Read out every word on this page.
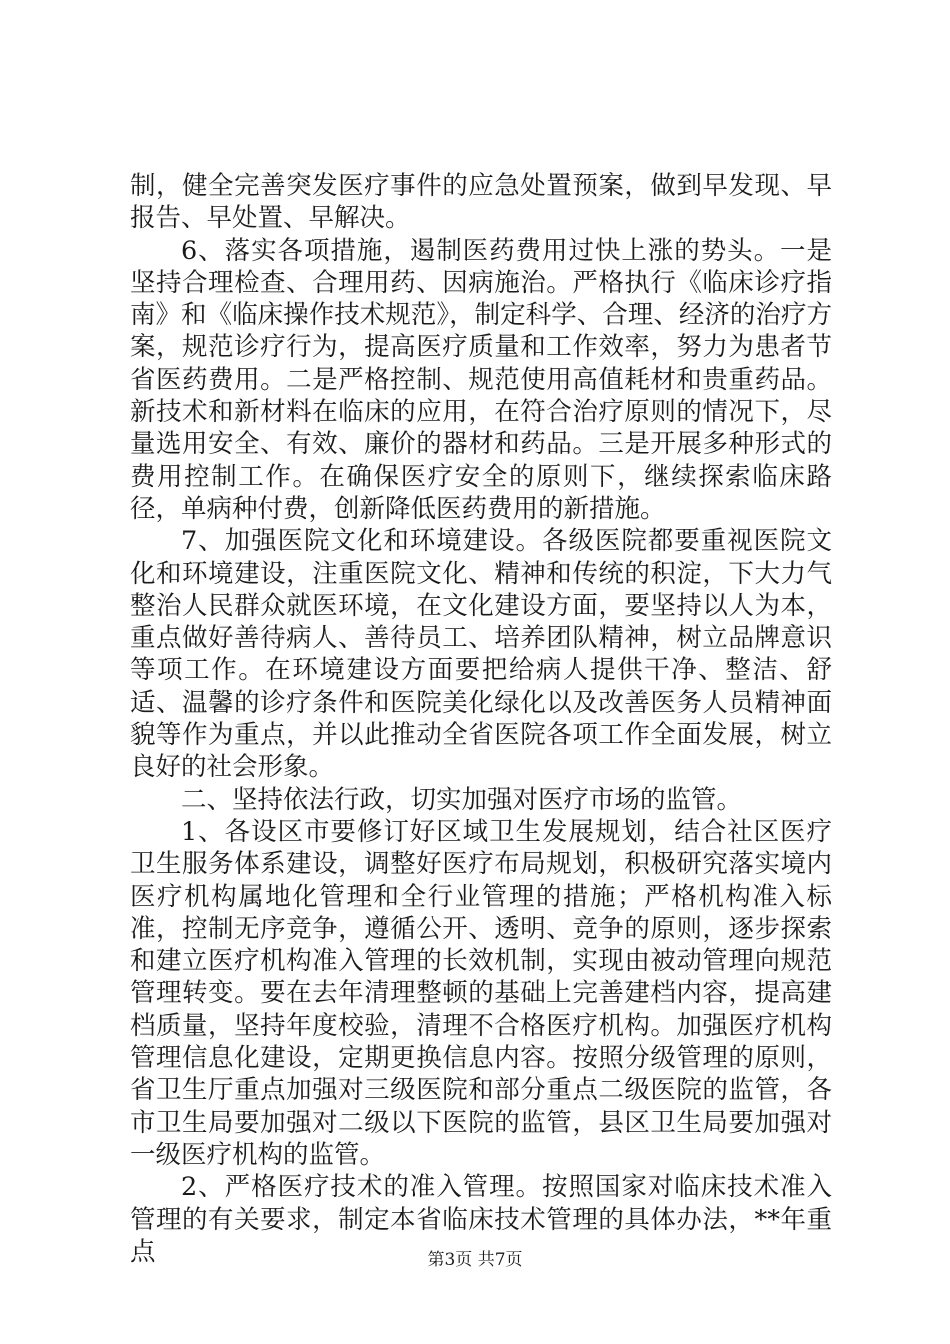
制，健全完善突发医疗事件的应急处置预案，做到早发现、早报告、早处置、早解决。

6、落实各项措施，遏制医药费用过快上涨的势头。一是坚持合理检查、合理用药、因病施治。严格执行《临床诊疗指南》和《临床操作技术规范》，制定科学、合理、经济的治疗方案，规范诊疗行为，提高医疗质量和工作效率，努力为患者节省医药费用。二是严格控制、规范使用高值耗材和贵重药品。新技术和新材料在临床的应用，在符合治疗原则的情况下，尽量选用安全、有效、廉价的器材和药品。三是开展多种形式的费用控制工作。在确保医疗安全的原则下，继续探索临床路径，单病种付费，创新降低医药费用的新措施。

7、加强医院文化和环境建设。各级医院都要重视医院文化和环境建设，注重医院文化、精神和传统的积淀，下大力气整治人民群众就医环境，在文化建设方面，要坚持以人为本，重点做好善待病人、善待员工、培养团队精神，树立品牌意识等项工作。在环境建设方面要把给病人提供干净、整洁、舒适、温馨的诊疗条件和医院美化绿化以及改善医务人员精神面貌等作为重点，并以此推动全省医院各项工作全面发展，树立良好的社会形象。

二、坚持依法行政，切实加强对医疗市场的监管。

1、各设区市要修订好区域卫生发展规划，结合社区医疗卫生服务体系建设，调整好医疗布局规划，积极研究落实境内医疗机构属地化管理和全行业管理的措施；严格机构准入标准，控制无序竞争，遵循公开、透明、竞争的原则，逐步探索和建立医疗机构准入管理的长效机制，实现由被动管理向规范管理转变。要在去年清理整顿的基础上完善建档内容，提高建档质量，坚持年度校验，清理不合格医疗机构。加强医疗机构管理信息化建设，定期更换信息内容。按照分级管理的原则，省卫生厅重点加强对三级医院和部分重点二级医院的监管，各市卫生局要加强对二级以下医院的监管，县区卫生局要加强对一级医疗机构的监管。

2、严格医疗技术的准入管理。按照国家对临床技术准入管理的有关要求，制定本省临床技术管理的具体办法，**年重点	第3页 共7页
